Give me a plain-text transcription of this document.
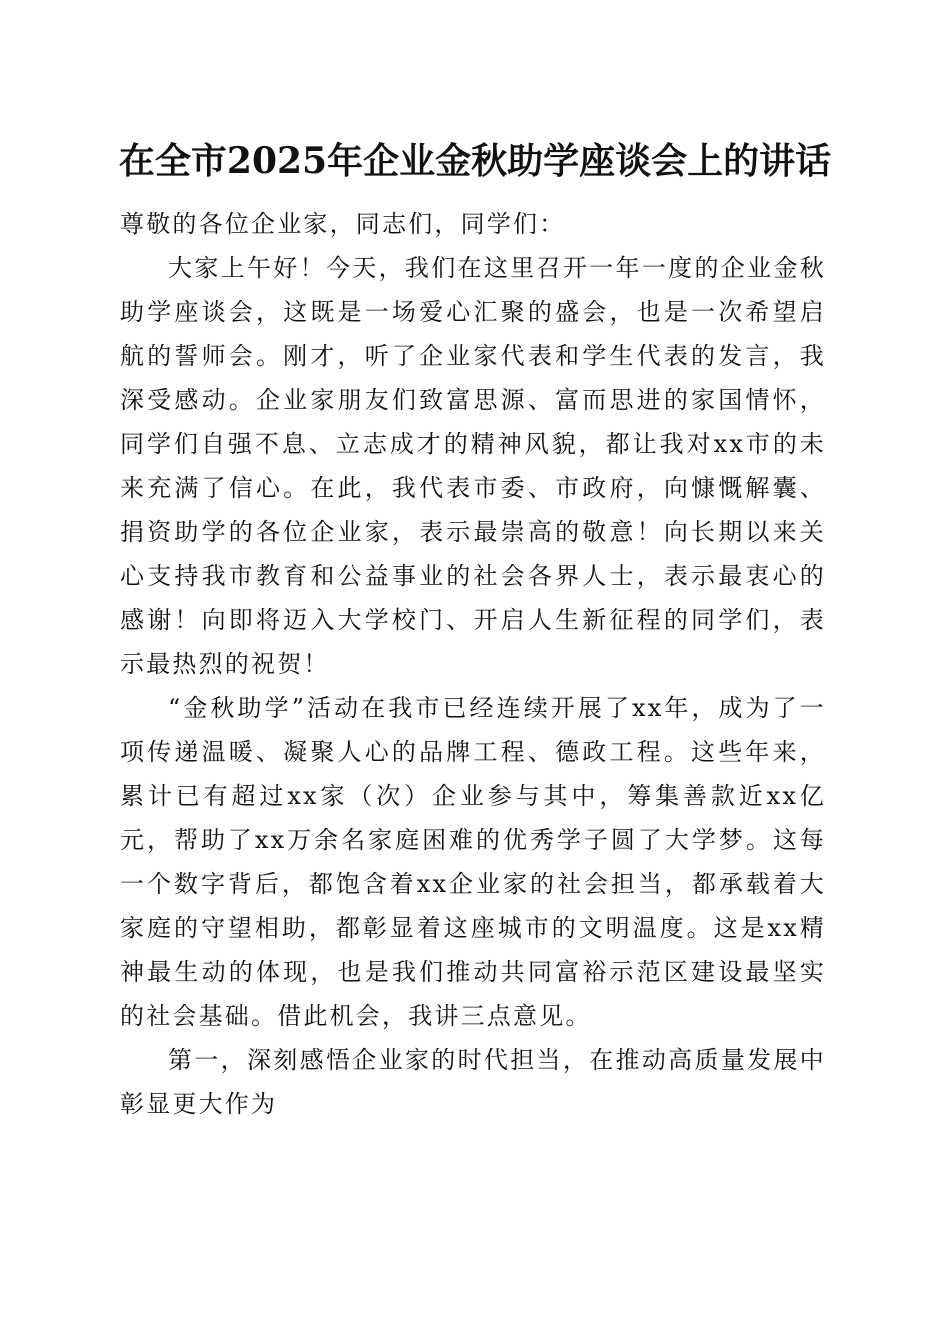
在全市2025年企业金秋助学座谈会上的讲话

尊敬的各位企业家，同志们，同学们：

大家上午好！今天，我们在这里召开一年一度的企业金秋助学座谈会，这既是一场爱心汇聚的盛会，也是一次希望启航的誓师会。刚才，听了企业家代表和学生代表的发言，我深受感动。企业家朋友们致富思源、富而思进的家国情怀，同学们自强不息、立志成才的精神风貌，都让我对xx市的未来充满了信心。在此，我代表市委、市政府，向慷慨解囊、捐资助学的各位企业家，表示最崇高的敬意！向长期以来关心支持我市教育和公益事业的社会各界人士，表示最衷心的感谢！向即将迈入大学校门、开启人生新征程的同学们，表示最热烈的祝贺！

“金秋助学”活动在我市已经连续开展了xx年，成为了一项传递温暖、凝聚人心的品牌工程、德政工程。这些年来，累计已有超过xx家（次）企业参与其中，筹集善款近xx亿元，帮助了xx万余名家庭困难的优秀学子圆了大学梦。这每一个数字背后，都饱含着xx企业家的社会担当，都承载着大家庭的守望相助，都彰显着这座城市的文明温度。这是xx精神最生动的体现，也是我们推动共同富裕示范区建设最坚实的社会基础。借此机会，我讲三点意见。

第一，深刻感悟企业家的时代担当，在推动高质量发展中彰显更大作为
